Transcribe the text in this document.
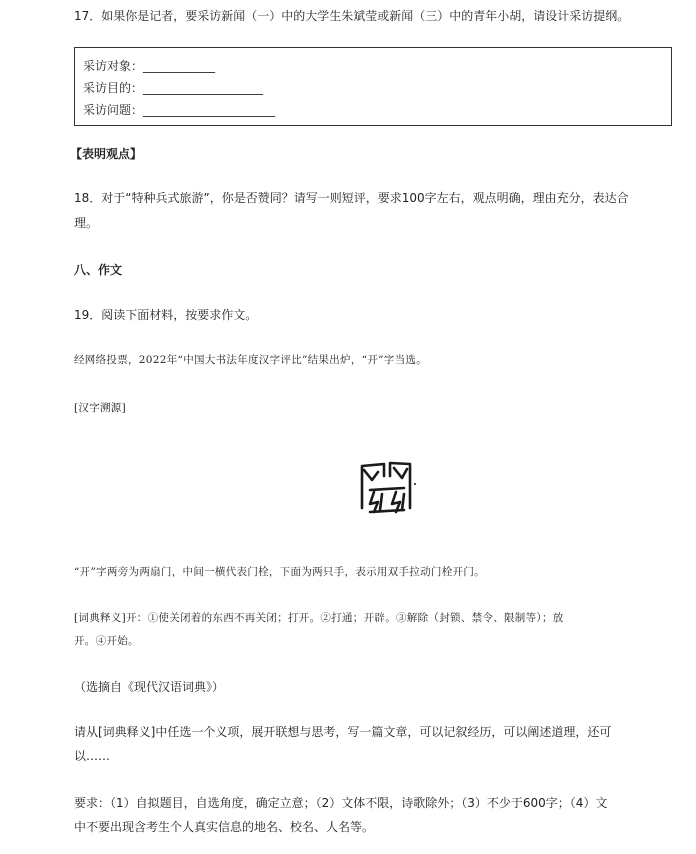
17．如果你是记者，要采访新闻（一）中的大学生朱斌莹或新闻（三）中的青年小胡，请设计采访提纲。
采访对象：____________
采访目的：____________________
采访问题：______________________
【表明观点】
18．对于“特种兵式旅游”，你是否赞同？请写一则短评，要求100字左右，观点明确，理由充分，表达合
理。
八、作文
19．阅读下面材料，按要求作文。
经网络投票，2022年“中国大书法年度汉字评比”结果出炉，“开”字当选。
[汉字溯源]
“开”字两旁为两扇门，中间一横代表门栓，下面为两只手，表示用双手拉动门栓开门。
[词典释义]开：①使关闭着的东西不再关闭；打开。②打通；开辟。③解除（封锁、禁令、限制等）；放
开。④开始。
（选摘自《现代汉语词典》）
请从[词典释义]中任选一个义项，展开联想与思考，写一篇文章，可以记叙经历，可以阐述道理，还可
以……
要求：（1）自拟题目，自选角度，确定立意；（2）文体不限，诗歌除外；（3）不少于600字；（4）文
中不要出现含考生个人真实信息的地名、校名、人名等。
